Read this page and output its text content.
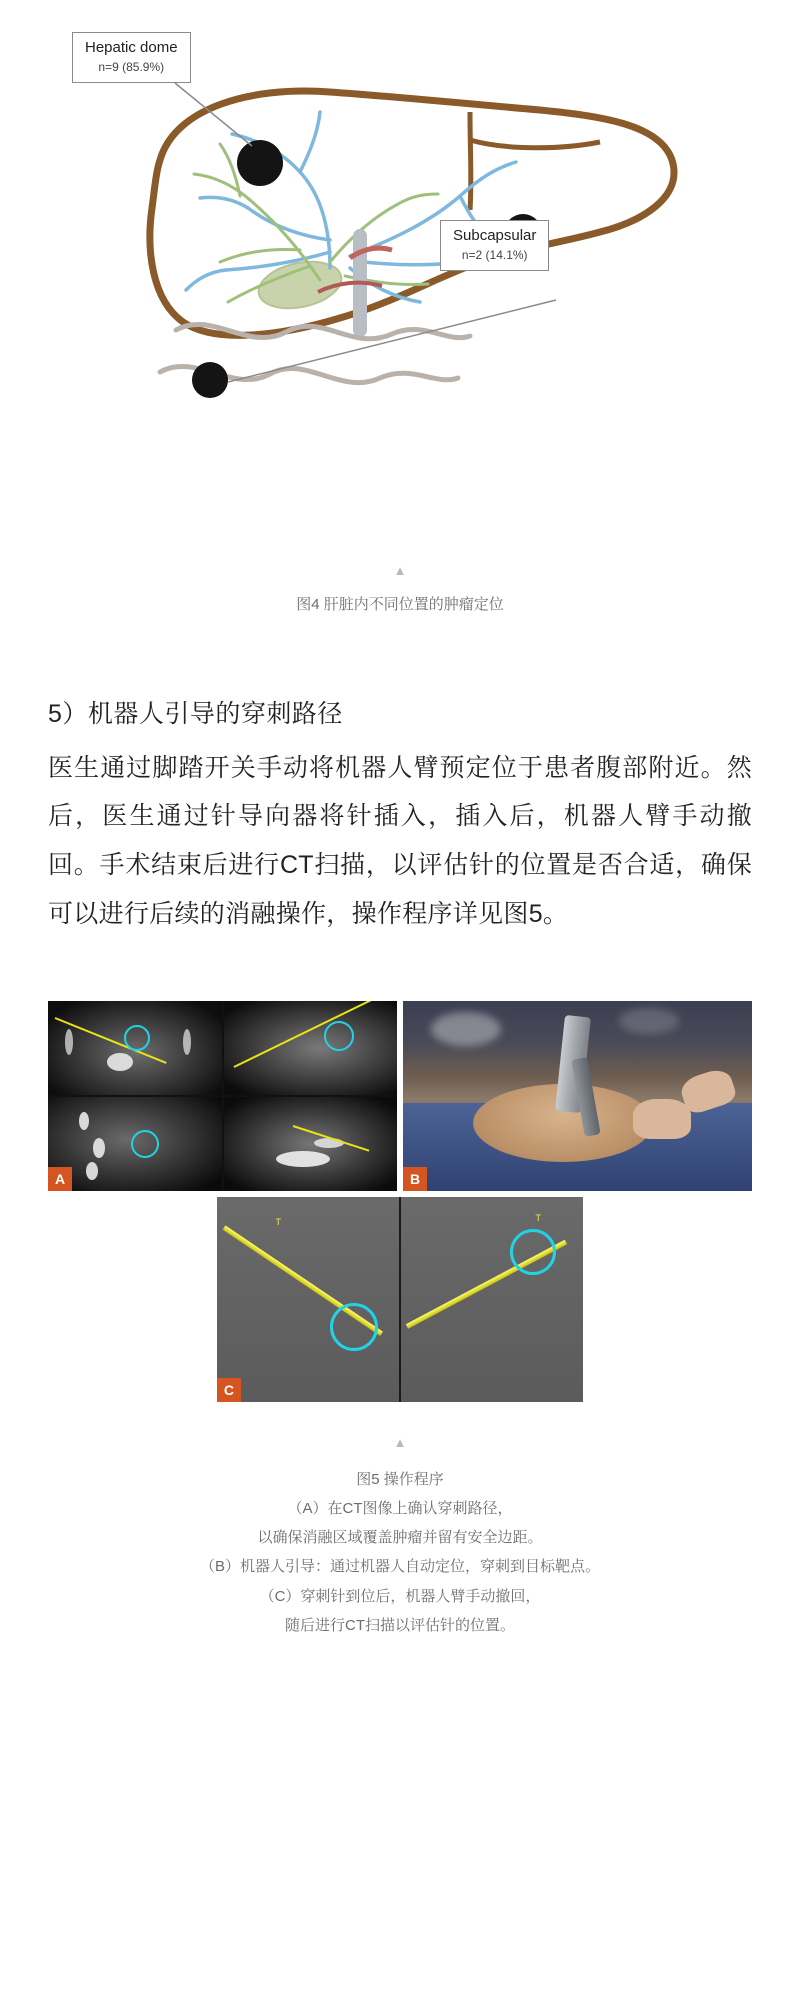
Hepatic dome
n=9 (85.9%)
Subcapsular
n=2 (14.1%)
▲
图4 肝脏内不同位置的肿瘤定位
5）机器人引导的穿刺路径
医生通过脚踏开关手动将机器人臂预定位于患者腹部附近。然后，医生通过针导向器将针插入，插入后，机器人臂手动撤回。手术结束后进行CT扫描，以评估针的位置是否合适，确保可以进行后续的消融操作，操作程序详见图5。
A	B
T	T
C
▲
图5 操作程序
（A）在CT图像上确认穿刺路径，
以确保消融区域覆盖肿瘤并留有安全边距。
（B）机器人引导：通过机器人自动定位，穿刺到目标靶点。
（C）穿刺针到位后，机器人臂手动撤回，
随后进行CT扫描以评估针的位置。
